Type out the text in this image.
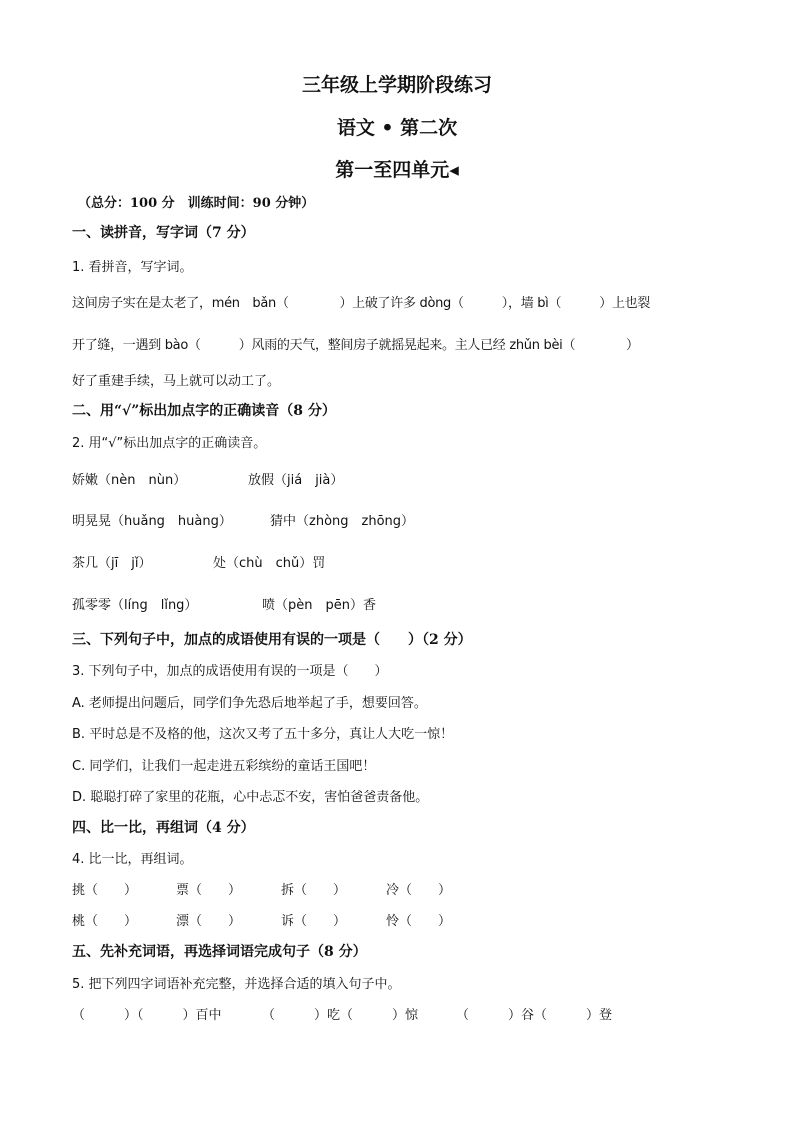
三年级上学期阶段练习
语文 • 第二次
第一至四单元◂
（总分：100 分　训练时间：90 分钟）
一、读拼音，写字词（7 分）
1. 看拼音，写字词。
这间房子实在是太老了，mén　bǎn（　　　　）上破了许多 dòng（　　　），墙 bì（　　　）上也裂
开了缝，一遇到 bào（　　　）风雨的天气，整间房子就摇晃起来。主人已经 zhǔn bèi（　　　　）
好了重建手续，马上就可以动工了。
二、用“√”标出加点字的正确读音（8 分）
2. 用“√”标出加点字的正确读音。
娇嫩（nèn　nùn）	放假（jiá　jià）
明晃晃（huǎng　huàng）	猜中（zhòng　zhōng）
茶几（jī　jǐ）	处（chù　chǔ）罚
孤零零（líng　lǐng）	喷（pèn　pēn）香
三、下列句子中，加点的成语使用有误的一项是（　　）（2 分）
3. 下列句子中，加点的成语使用有误的一项是（　　）
A. 老师提出问题后，同学们争先恐后地举起了手，想要回答。
B. 平时总是不及格的他，这次又考了五十多分，真让人大吃一惊！
C. 同学们，让我们一起走进五彩缤纷的童话王国吧！
D. 聪聪打碎了家里的花瓶，心中忐忑不安，害怕爸爸责备他。
四、比一比，再组词（4 分）
4. 比一比，再组词。
挑（　　）	票（　　）	拆（　　）	冷（　　）
桃（　　）	漂（　　）	诉（　　）	怜（　　）
五、先补充词语，再选择词语完成句子（8 分）
5. 把下列四字词语补充完整，并选择合适的填入句子中。
（　　　）（　　　）百中	（　　　）吃（　　　）惊	（　　　）谷（　　　）登
